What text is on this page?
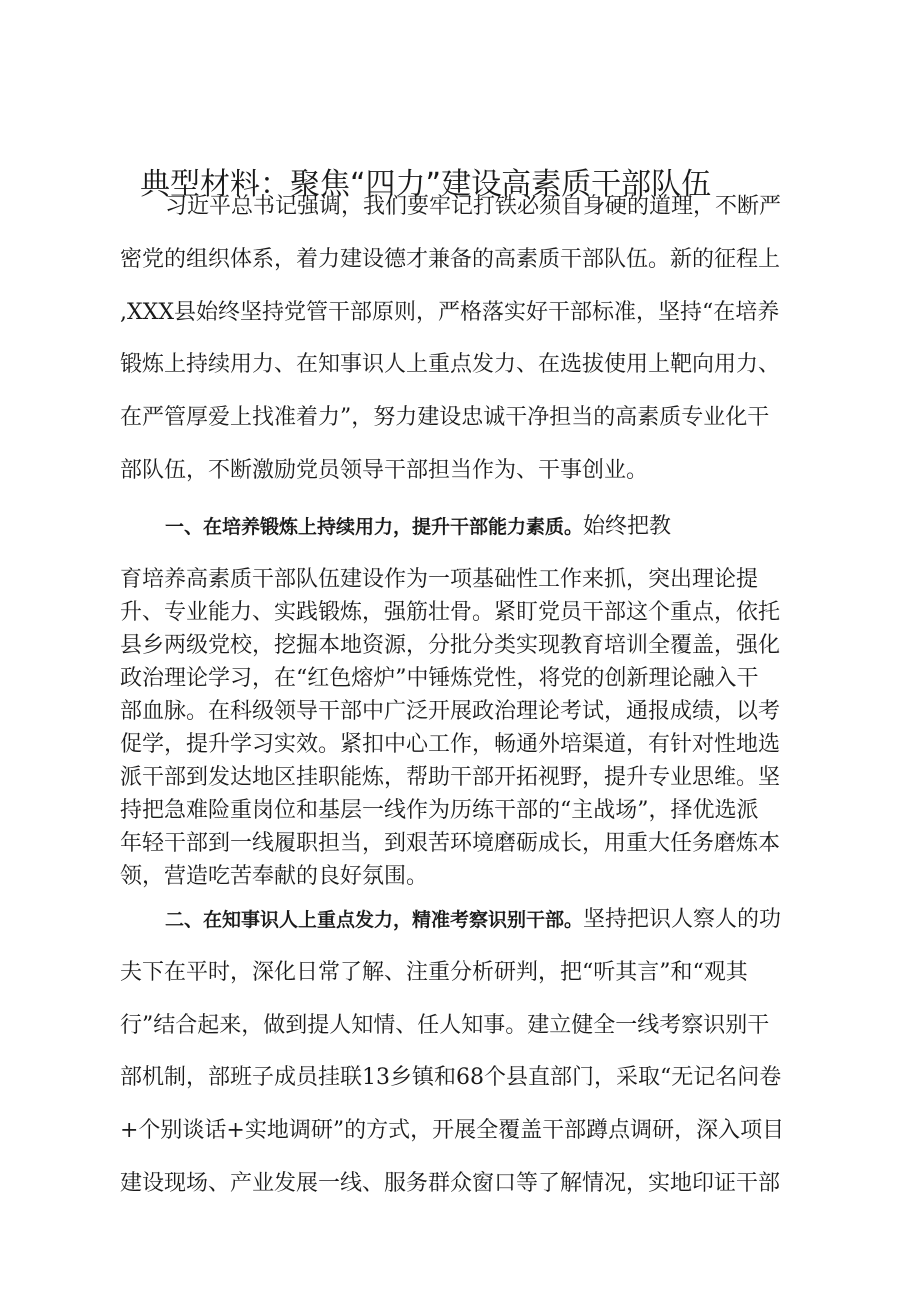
典型材料：聚焦“四力”建设高素质干部队伍
习近平总书记强调，我们要牢记打铁必须自身硬的道理，不断严
密党的组织体系，着力建设德才兼备的高素质干部队伍。新的征程上
,XXX县始终坚持党管干部原则，严格落实好干部标准，坚持“在培养
锻炼上持续用力、在知事识人上重点发力、在选拔使用上靶向用力、
在严管厚爱上找准着力”，努力建设忠诚干净担当的高素质专业化干
部队伍，不断激励党员领导干部担当作为、干事创业。
一、在培养锻炼上持续用力，提升干部能力素质。始终把教
育培养高素质干部队伍建设作为一项基础性工作来抓，突出理论提
升、专业能力、实践锻炼，强筋壮骨。紧盯党员干部这个重点，依托
县乡两级党校，挖掘本地资源，分批分类实现教育培训全覆盖，强化
政治理论学习，在“红色熔炉”中锤炼党性，将党的创新理论融入干
部血脉。在科级领导干部中广泛开展政治理论考试，通报成绩，以考
促学，提升学习实效。紧扣中心工作，畅通外培渠道，有针对性地选
派干部到发达地区挂职能炼，帮助干部开拓视野，提升专业思维。坚
持把急难险重岗位和基层一线作为历练干部的“主战场”，择优选派
年轻干部到一线履职担当，到艰苦环境磨砺成长，用重大任务磨炼本
领，营造吃苦奉献的良好氛围。
二、在知事识人上重点发力，精准考察识别干部。坚持把识人察人的功
夫下在平时，深化日常了解、注重分析研判，把“听其言”和“观其
行”结合起来，做到提人知情、任人知事。建立健全一线考察识别干
部机制，部班子成员挂联13乡镇和68个县直部门，采取“无记名问卷
+个别谈话+实地调研”的方式，开展全覆盖干部蹲点调研，深入项目
建设现场、产业发展一线、服务群众窗口等了解情况，实地印证干部
